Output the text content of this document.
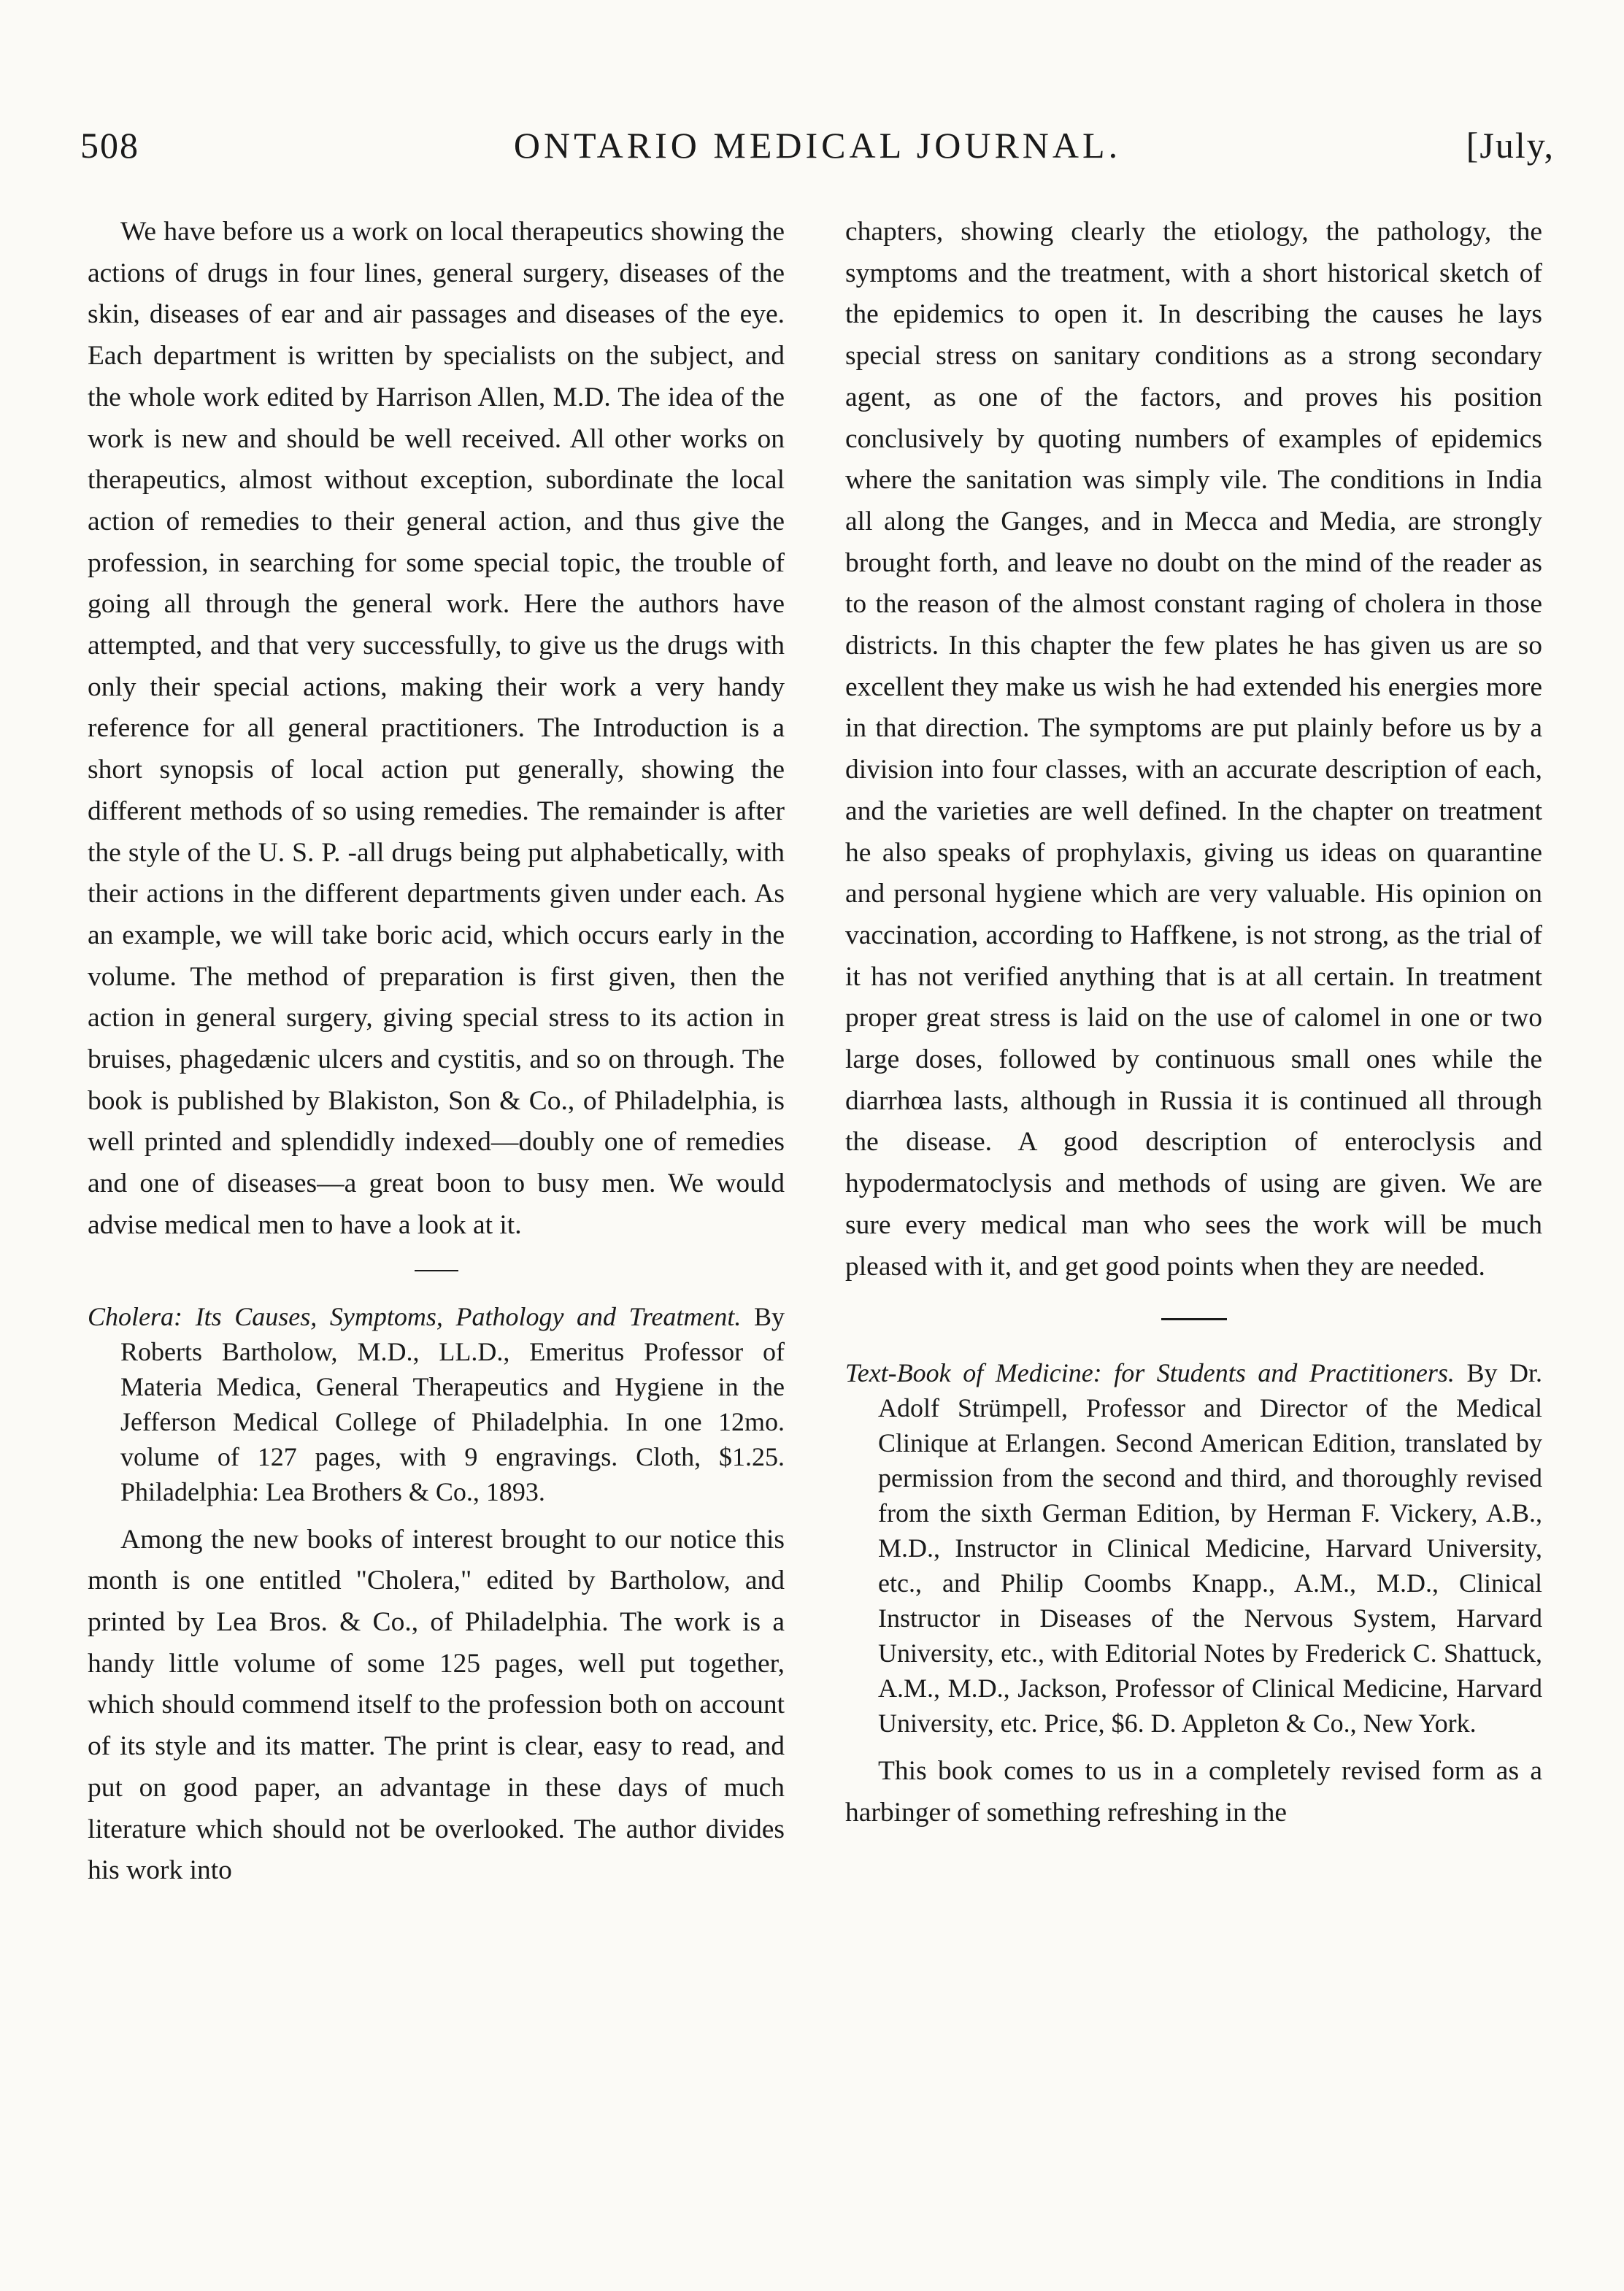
508	ONTARIO MEDICAL JOURNAL.	[July,

We have before us a work on local therapeutics showing the actions of drugs in four lines, general surgery, diseases of the skin, diseases of ear and air passages and diseases of the eye. Each department is written by specialists on the subject, and the whole work edited by Harrison Allen, M.D. The idea of the work is new and should be well received. All other works on therapeutics, almost without exception, subordinate the local action of remedies to their general action, and thus give the profession, in searching for some special topic, the trouble of going all through the general work. Here the authors have attempted, and that very successfully, to give us the drugs with only their special actions, making their work a very handy reference for all general practitioners. The Introduction is a short synopsis of local action put generally, showing the different methods of so using remedies. The remainder is after the style of the U. S. P. -all drugs being put alphabetically, with their actions in the different departments given under each. As an example, we will take boric acid, which occurs early in the volume. The method of preparation is first given, then the action in general surgery, giving special stress to its action in bruises, phagedænic ulcers and cystitis, and so on through. The book is published by Blakiston, Son & Co., of Philadelphia, is well printed and splendidly indexed—doubly one of remedies and one of diseases—a great boon to busy men. We would advise medical men to have a look at it.

Cholera: Its Causes, Symptoms, Pathology and Treatment. By Roberts Bartholow, M.D., LL.D., Emeritus Professor of Materia Medica, General Therapeutics and Hygiene in the Jefferson Medical College of Philadelphia. In one 12mo. volume of 127 pages, with 9 engravings. Cloth, $1.25. Philadelphia: Lea Brothers & Co., 1893.

Among the new books of interest brought to our notice this month is one entitled "Cholera," edited by Bartholow, and printed by Lea Bros. & Co., of Philadelphia. The work is a handy little volume of some 125 pages, well put together, which should commend itself to the profession both on account of its style and its matter. The print is clear, easy to read, and put on good paper, an advantage in these days of much literature which should not be overlooked. The author divides his work into

chapters, showing clearly the etiology, the pathology, the symptoms and the treatment, with a short historical sketch of the epidemics to open it. In describing the causes he lays special stress on sanitary conditions as a strong secondary agent, as one of the factors, and proves his position conclusively by quoting numbers of examples of epidemics where the sanitation was simply vile. The conditions in India all along the Ganges, and in Mecca and Media, are strongly brought forth, and leave no doubt on the mind of the reader as to the reason of the almost constant raging of cholera in those districts. In this chapter the few plates he has given us are so excellent they make us wish he had extended his energies more in that direction. The symptoms are put plainly before us by a division into four classes, with an accurate description of each, and the varieties are well defined. In the chapter on treatment he also speaks of prophylaxis, giving us ideas on quarantine and personal hygiene which are very valuable. His opinion on vaccination, according to Haffkene, is not strong, as the trial of it has not verified anything that is at all certain. In treatment proper great stress is laid on the use of calomel in one or two large doses, followed by continuous small ones while the diarrhœa lasts, although in Russia it is continued all through the disease. A good description of enteroclysis and hypodermatoclysis and methods of using are given. We are sure every medical man who sees the work will be much pleased with it, and get good points when they are needed.

Text-Book of Medicine: for Students and Practitioners. By Dr. Adolf Strümpell, Professor and Director of the Medical Clinique at Erlangen. Second American Edition, translated by permission from the second and third, and thoroughly revised from the sixth German Edition, by Herman F. Vickery, A.B., M.D., Instructor in Clinical Medicine, Harvard University, etc., and Philip Coombs Knapp., A.M., M.D., Clinical Instructor in Diseases of the Nervous System, Harvard University, etc., with Editorial Notes by Frederick C. Shattuck, A.M., M.D., Jackson, Professor of Clinical Medicine, Harvard University, etc. Price, $6. D. Appleton & Co., New York.

This book comes to us in a completely revised form as a harbinger of something refreshing in the
